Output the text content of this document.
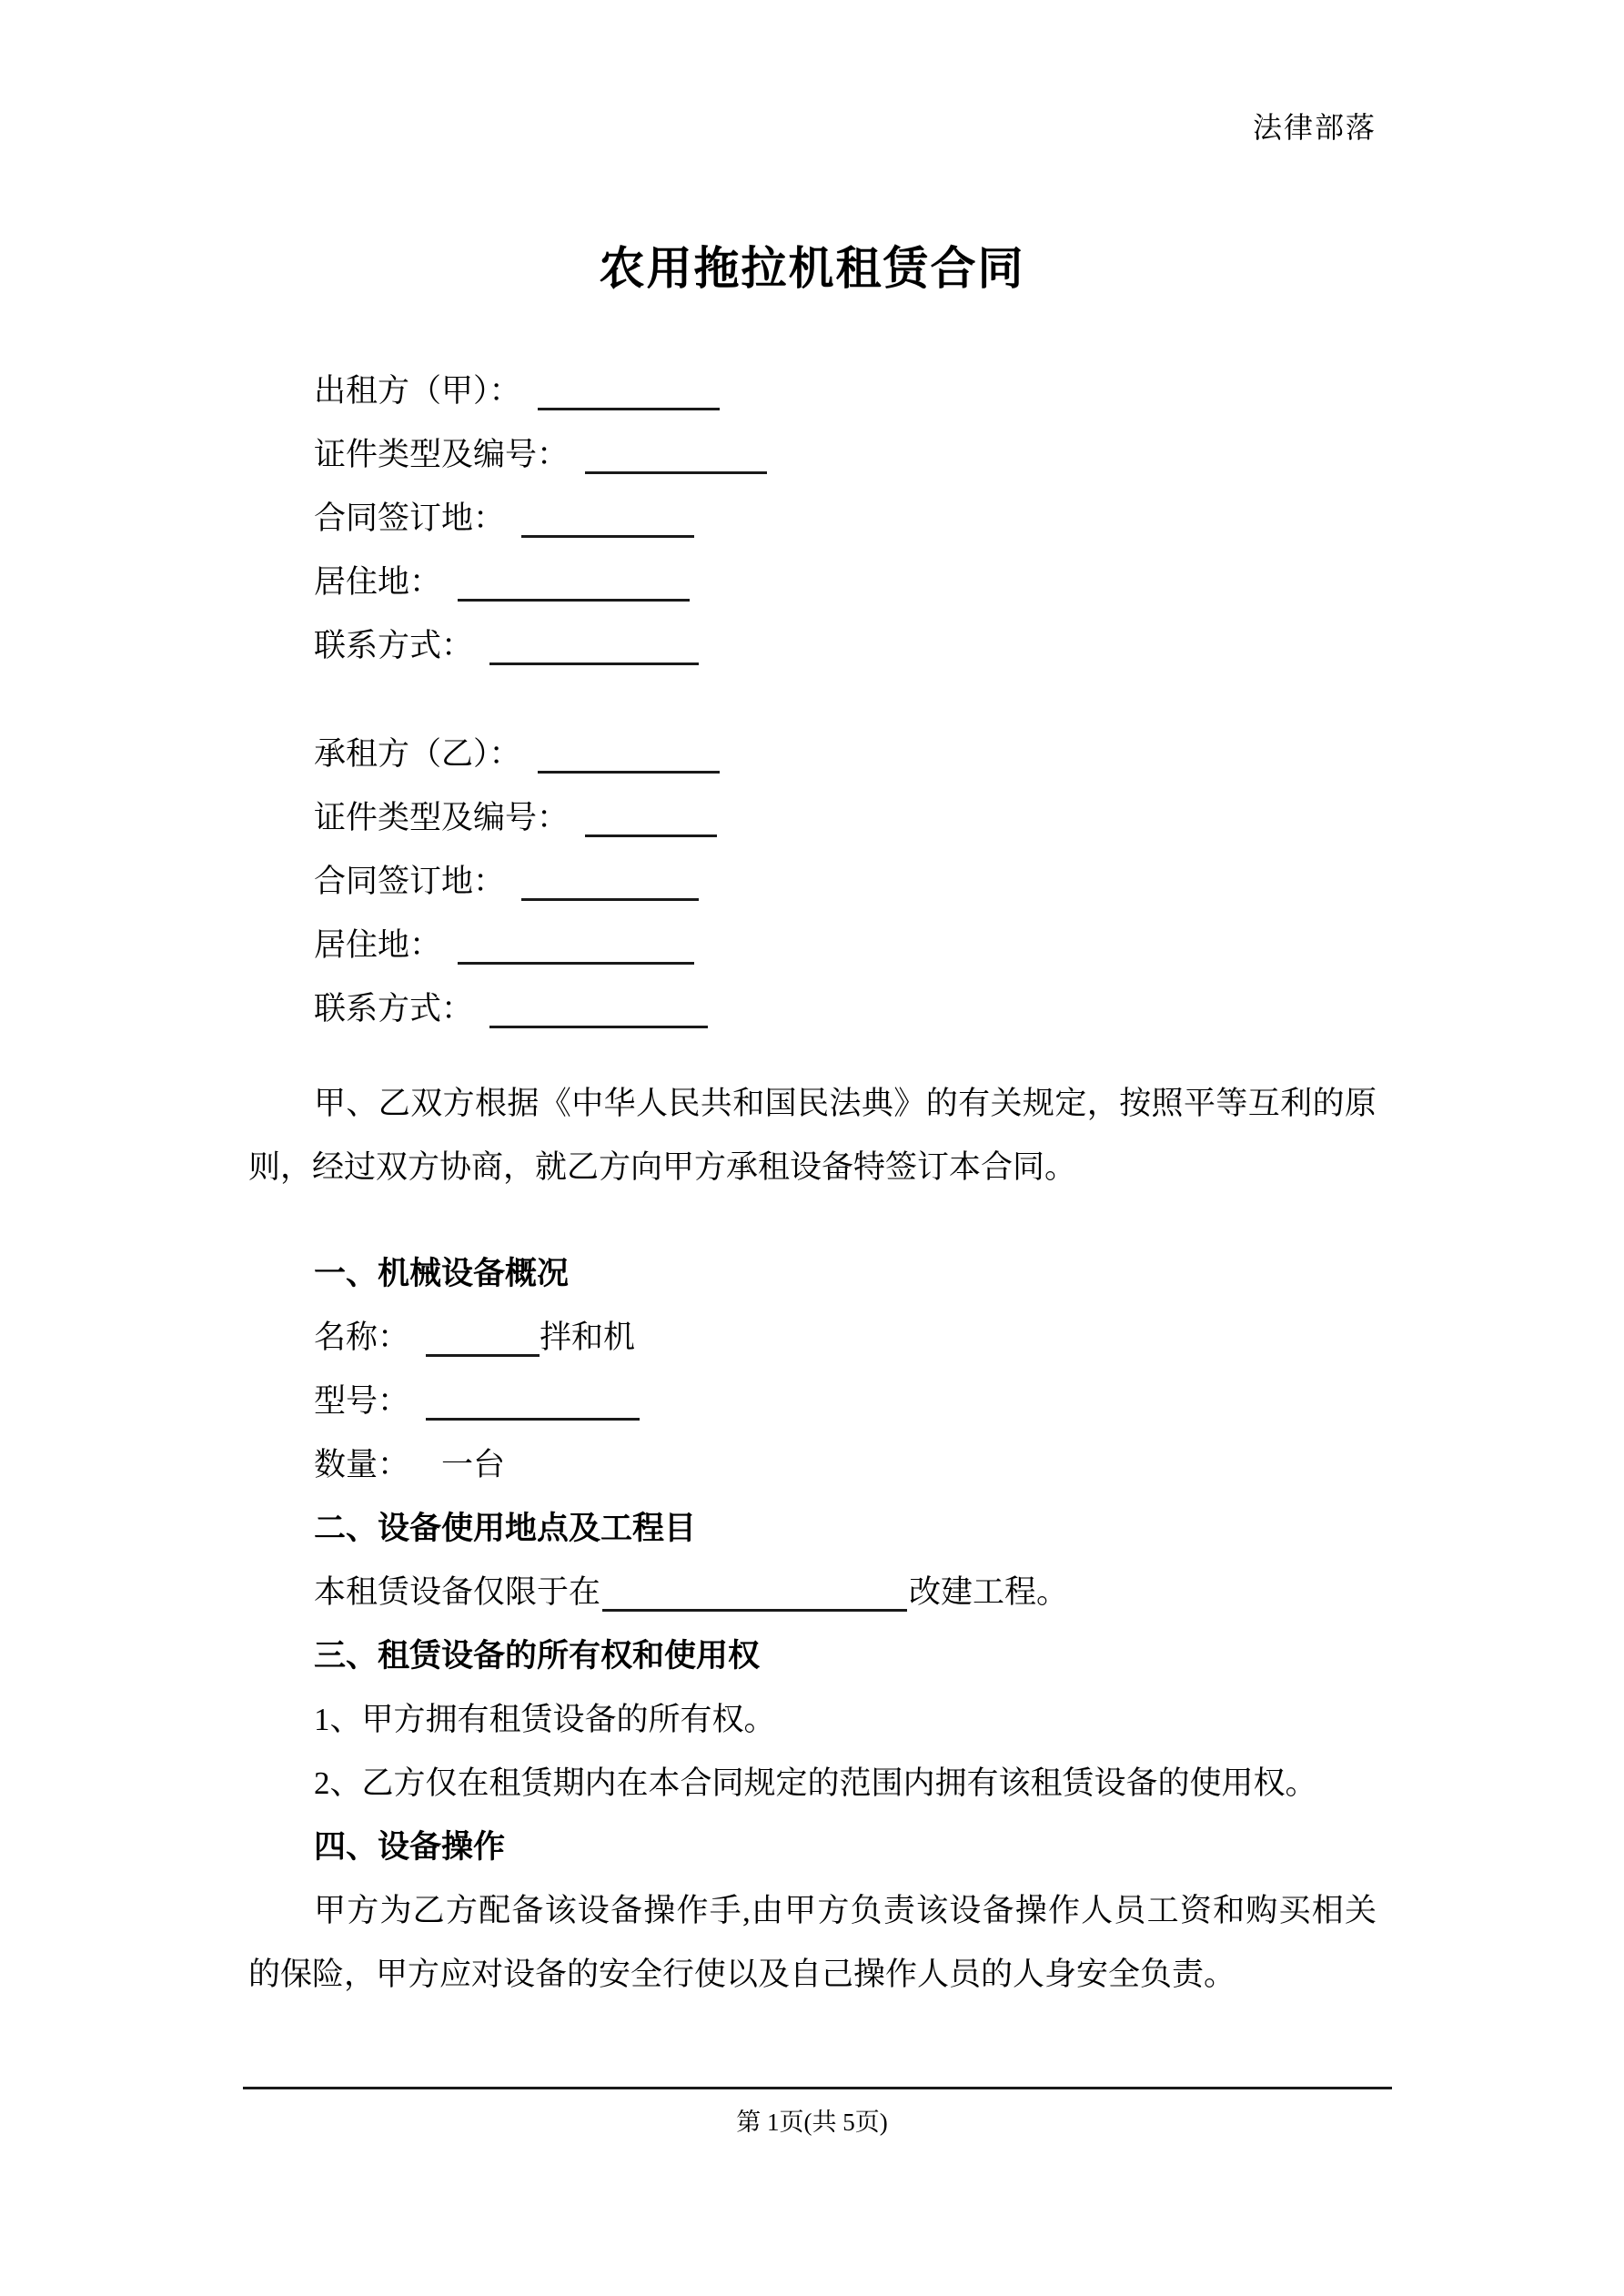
法律部落
农用拖拉机租赁合同
出租方（甲）：
证件类型及编号：
合同签订地：
居住地：
联系方式：
承租方（乙）：
证件类型及编号：
合同签订地：
居住地：
联系方式：
甲、乙双方根据《中华人民共和国民法典》的有关规定，按照平等互利的原
则，经过双方协商，就乙方向甲方承租设备特签订本合同。
一、机械设备概况
名称：	拌和机
型号：
数量： 一台
二、设备使用地点及工程目
本租赁设备仅限于在	改建工程。
三、租赁设备的所有权和使用权
1、甲方拥有租赁设备的所有权。
2、乙方仅在租赁期内在本合同规定的范围内拥有该租赁设备的使用权。
四、设备操作
甲方为乙方配备该设备操作手,由甲方负责该设备操作人员工资和购买相关
的保险，甲方应对设备的安全行使以及自己操作人员的人身安全负责。
第 1页(共 5页)
